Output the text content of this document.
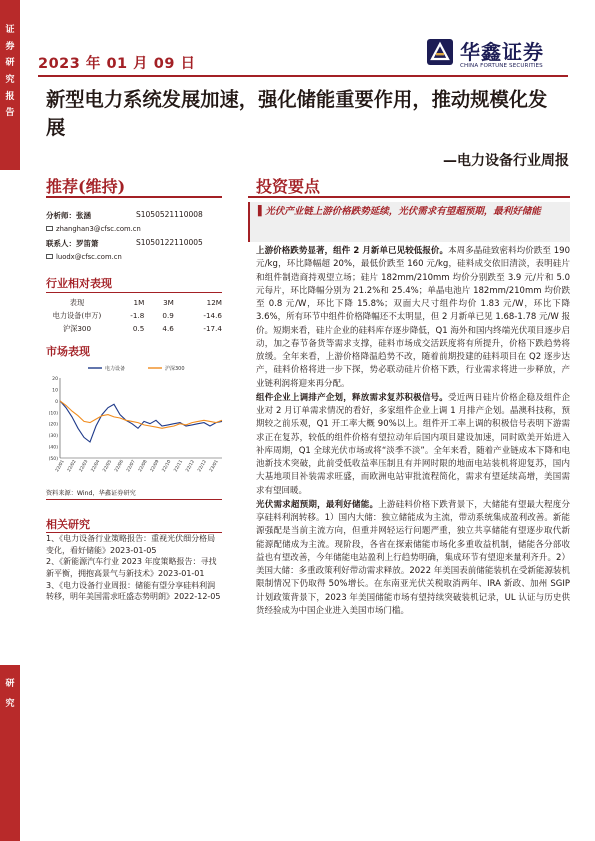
证
券
研
究
报
告
研
究
2023 年 01 月 09 日	华鑫证券
CHINA FORTUNE SECURITIES
新型电力系统发展加速，强化储能重要作用，推动规模化发展
—电力设备行业周报
推荐(维持)	投资要点
分析师：张涵	S1050521110008
zhanghan3@cfsc.com.cn
联系人：罗笛箫	S1050122110005
luodx@cfsc.com.cn
行业相对表现
表现	1M	3M	12M
电力设备(申万)	-1.8	0.9	-14.6
沪深300	0.5	4.6	-17.4
市场表现
(50)
(40)
(30)
(20)
(10)
0
10
20
22/01 22/02 22/03 22/04 22/05 22/06 22/07 22/08 22/09 22/10 22/11 22/12 22/12 23/01
电力设备	沪深300
资料来源：Wind，华鑫证券研究
相关研究
1、《电力设备行业策略报告：重视光伏细分格局变化，看好储能》2023-01-05
2、《新能源汽车行业 2023 年度策略报告：寻找新平衡，拥抱高景气与新技术》2023-01-01
3、《电力设备行业周报：储能有望分享硅料利润转移，明年美国需求旺盛态势明朗》2022-12-05
▌光伏产业链上游价格跌势延续，光伏需求有望超预期，最利好储能

上游价格跌势显著，组件 2 月新单已见较低报价。本周多晶硅致密料均价跌至 190 元/kg，环比降幅超 20%，最低价跌至 160 元/kg，硅料成交依旧清淡，表明硅片和组件制造商持观望立场；硅片 182mm/210mm 均价分别跌至 3.9 元/片和 5.0 元每片，环比降幅分别为 21.2%和 25.4%；单晶电池片 182mm/210mm 均价跌至 0.8 元/W，环比下降 15.8%；双面大尺寸组件均价 1.83 元/W，环比下降 3.6%，所有环节中组件价格降幅还不太明显，但 2 月新单已见 1.68-1.78 元/W 报价。短期来看，硅片企业的硅料库存逐步降低，Q1 海外和国内终端光伏项目逐步启动，加之春节备货等需求支撑，硅料市场成交活跃度将有所提升，价格下跌趋势将放缓。全年来看，上游价格降温趋势不改，随着前期投建的硅料项目在 Q2 逐步达产，硅料价格将进一步下探，势必联动硅片价格下跌，行业需求将进一步释放，产业链利润将迎来再分配。

组件企业上调排产企划，释放需求复苏积极信号。受近两日硅片价格企稳及组件企业对 2 月订单需求情况的看好，多家组件企业上调 1 月排产企划。晶澳科技称，预期较之前乐观，Q1 开工率大概 90%以上。组件开工率上调的积极信号表明下游需求正在复苏，较低的组件价格有望拉动年后国内项目建设加速，同时欧美开始进入补库周期，Q1 全球光伏市场或将“淡季不淡”。全年来看，随着产业链成本下降和电池新技术突破，此前受低收益率压制且有并网时限的地面电站装机将迎复苏，国内大基地项目补装需求旺盛，而欧洲电站审批流程简化，需求有望延续高增，美国需求有望回暖。

光伏需求超预期，最利好储能。上游硅料价格下跌背景下，大储能有望最大程度分享硅料利润转移。1）国内大储：独立储能成为主流，带动系统集成盈利改善。新能源强配是当前主流方向，但重并网轻运行问题严重，独立共享储能有望逐步取代新能源配储成为主流。现阶段，各省在探索储能市场化多重收益机制，储能各分部收益也有望改善，今年储能电站盈利上行趋势明确，集成环节有望迎来量利齐升。2）美国大储：多重政策利好带动需求释放。2022 年美国表前储能装机在受新能源装机限制情况下仍取得 50%增长。在东南亚光伏关税取消两年、IRA 新政、加州 SGIP 计划政策背景下，2023 年美国储能市场有望持续突破装机记录，UL 认证与历史供货经验成为中国企业进入美国市场门槛。
